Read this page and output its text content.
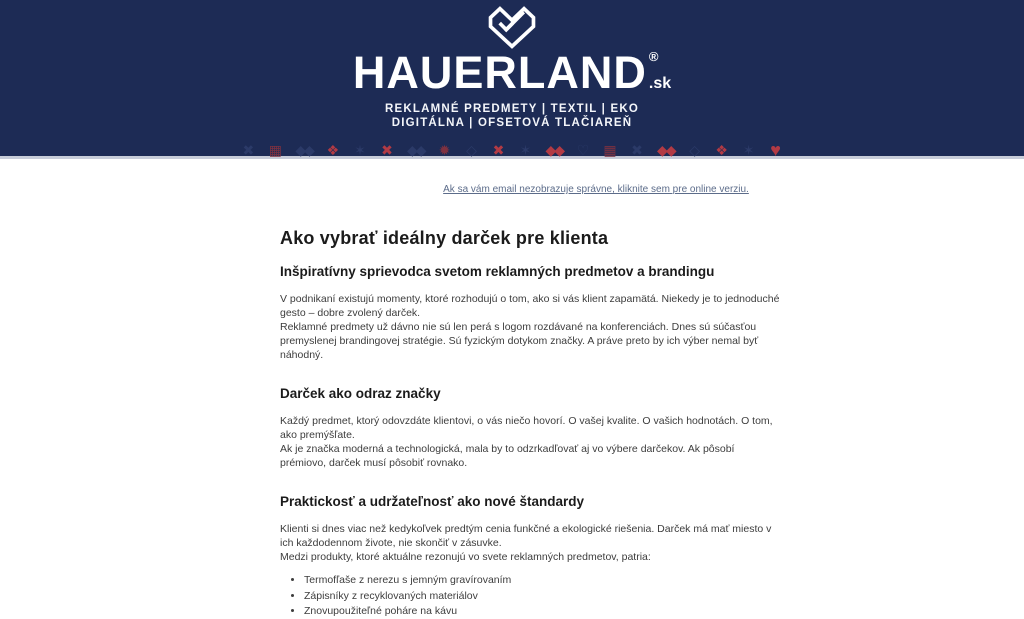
HAUERLAND ®
.sk
REKLAMNÉ PREDMETY | TEXTIL | EKO
DIGITÁLNA | OFSETOVÁ TLAČIAREŇ
✖ ▦ ◆◆ ❖ ✶ ✖ ◆◆ ✹ ◇ ✖ ✶ ◆◆ ♡ ▦ ✖ ◆◆ ◇ ❖ ✶ ♥
Ak sa vám email nezobrazuje správne, kliknite sem pre online verziu.
Ako vybrať ideálny darček pre klienta
Inšpiratívny sprievodca svetom reklamných predmetov a brandingu

V podnikaní existujú momenty, ktoré rozhodujú o tom, ako si vás klient zapamätá. Niekedy je to jednoduché gesto – dobre zvolený darček.

Reklamné predmety už dávno nie sú len perá s logom rozdávané na konferenciách. Dnes sú súčasťou premyslenej brandingovej stratégie. Sú fyzickým dotykom značky. A práve preto by ich výber nemal byť náhodný.

Darček ako odraz značky

Každý predmet, ktorý odovzdáte klientovi, o vás niečo hovorí. O vašej kvalite. O vašich hodnotách. O tom, ako premýšľate.

Ak je značka moderná a technologická, mala by to odzrkadľovať aj vo výbere darčekov. Ak pôsobí prémiovo, darček musí pôsobiť rovnako.

Praktickosť a udržateľnosť ako nové štandardy

Klienti si dnes viac než kedykoľvek predtým cenia funkčné a ekologické riešenia. Darček má mať miesto v ich každodennom živote, nie skončiť v zásuvke.

Medzi produkty, ktoré aktuálne rezonujú vo svete reklamných predmetov, patria:

• Termofľaše z nerezu s jemným gravírovaním
• Zápisníky z recyklovaných materiálov
• Znovupoužiteľné poháre na kávu
